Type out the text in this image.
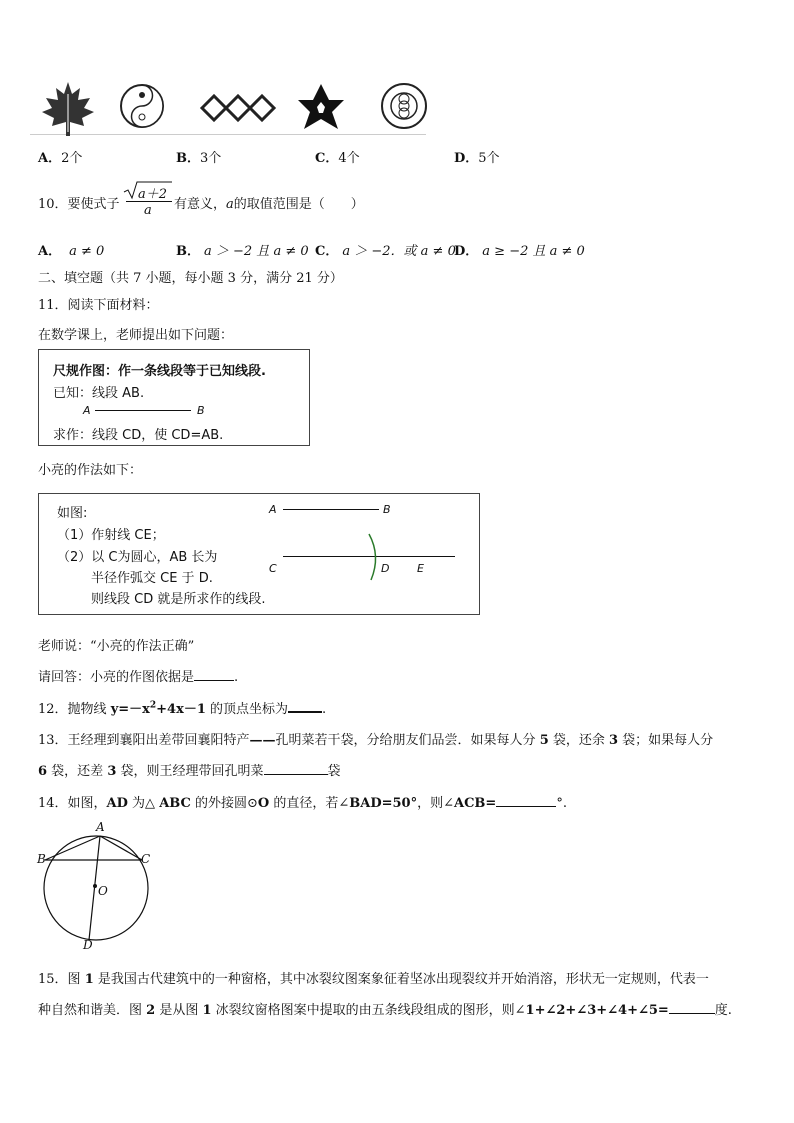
A．2个	B．3个	C．4个	D．5个
10．要使式子
a＋2
a 有意义，a的取值范围是（　　）
A． a ≠ 0	B． a ＞ −2 且 a ≠ 0 C． a ＞ −2．或 a ≠ 0
D． a ≥ −2 且 a ≠ 0
二、填空题（共 7 小题，每小题 3 分，满分 21 分）
11．阅读下面材料：
在数学课上，老师提出如下问题：
尺规作图：作一条线段等于已知线段.
已知：线段 AB.
A	B
求作：线段 CD，使 CD=AB.
小亮的作法如下：
如图:
（1）作射线 CE；
（2）以 C为圆心，AB 长为
半径作弧交 CE 于 D.
则线段 CD 就是所求作的线段.
A	B
C	D	E
老师说：“小亮的作法正确”
请回答：小亮的作图依据是	.
12．抛物线 $y=-x^2+4x-1$ 的顶点坐标为	.
13．王经理到襄阳出差带回襄阳特产——孔明菜若干袋，分给朋友们品尝．如果每人分 5 袋，还余 3 袋；如果每人分
6 袋，还差 3 袋，则王经理带回孔明菜	袋
14．如图，AD 为△ ABC 的外接圆⊙O 的直径，若∠BAD=50°，则∠ACB=	°.
A
B	C
O
D
15．图 1 是我国古代建筑中的一种窗格，其中冰裂纹图案象征着坚冰出现裂纹并开始消溶，形状无一定规则，代表一
种自然和谐美．图 2 是从图 1 冰裂纹窗格图案中提取的由五条线段组成的图形，则∠1+∠2+∠3+∠4+∠5=	度.
